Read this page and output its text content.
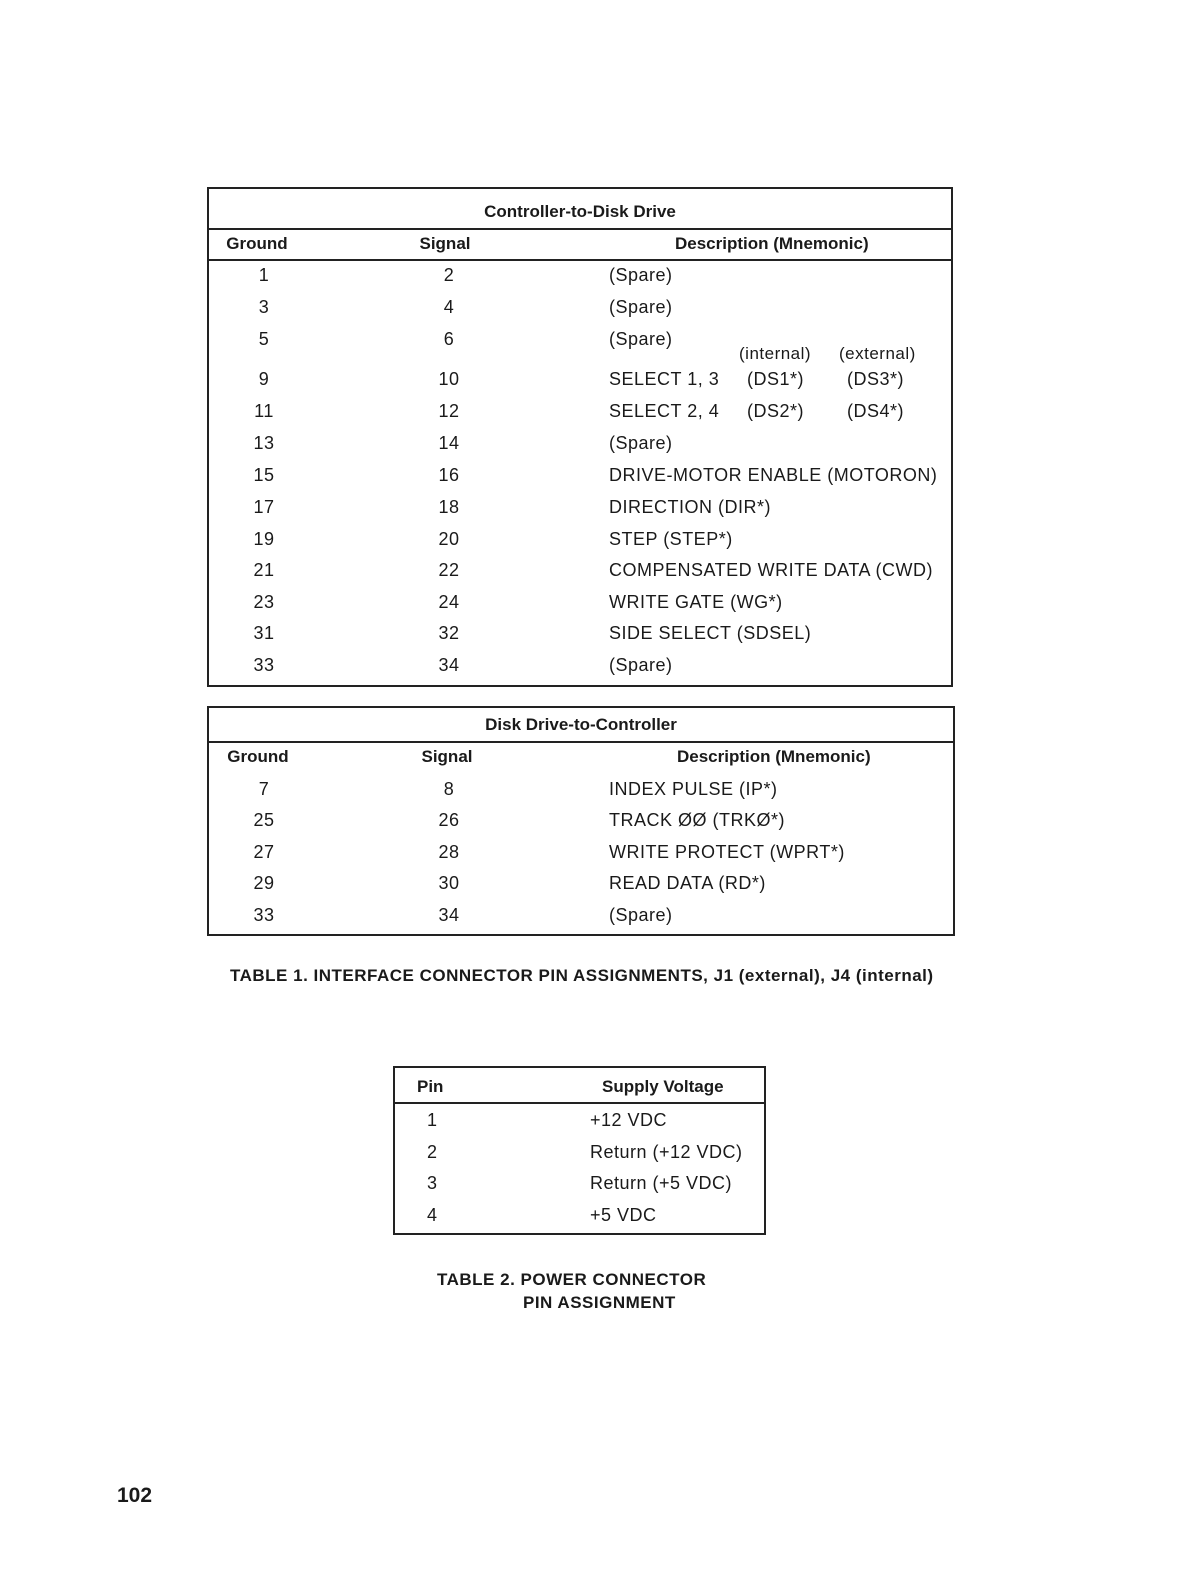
Controller-to-Disk Drive
Ground	Signal	Description (Mnemonic)
1	2	(Spare)
3	4	(Spare)
5	6	(Spare)
(internal) (external)
9	10	SELECT 1, 3 (DS1*) (DS3*)
11	12	SELECT 2, 4 (DS2*) (DS4*)
13	14	(Spare)
15	16	DRIVE-MOTOR ENABLE (MOTORON)
17	18	DIRECTION (DIR*)
19	20	STEP (STEP*)
21	22	COMPENSATED WRITE DATA (CWD)
23	24	WRITE GATE (WG*)
31	32	SIDE SELECT (SDSEL)
33	34	(Spare)
Disk Drive-to-Controller
Ground	Signal	Description (Mnemonic)
7	8	INDEX PULSE (IP*)
25	26	TRACK ØØ (TRKØ*)
27	28	WRITE PROTECT (WPRT*)
29	30	READ DATA (RD*)
33	34	(Spare)
TABLE 1. INTERFACE CONNECTOR PIN ASSIGNMENTS, J1 (external), J4 (internal)
Pin	Supply Voltage
1	+12 VDC
2	Return (+12 VDC)
3	Return (+5 VDC)
4	+5 VDC
TABLE 2. POWER CONNECTOR
PIN ASSIGNMENT
102
